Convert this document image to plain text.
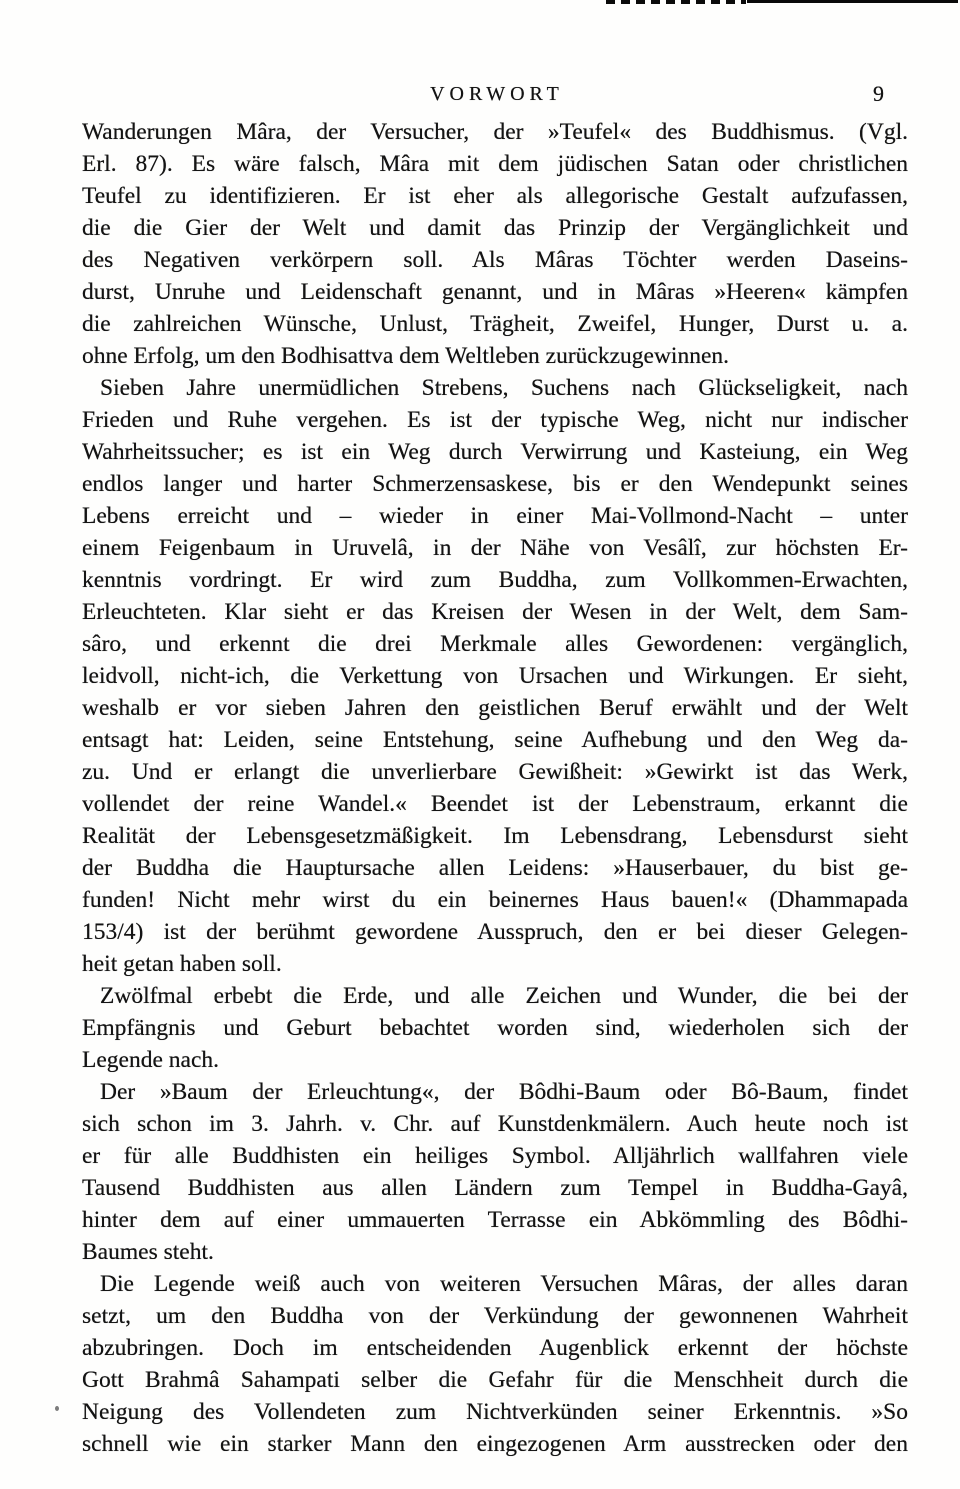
VORWORT	9
Wanderungen Mâra, der Versucher, der »Teufel« des Buddhismus. (Vgl.
Erl. 87). Es wäre falsch, Mâra mit dem jüdischen Satan oder christlichen
Teufel zu identifizieren. Er ist eher als allegorische Gestalt aufzufassen,
die die Gier der Welt und damit das Prinzip der Vergänglichkeit und
des Negativen verkörpern soll. Als Mâras Töchter werden Daseins-
durst, Unruhe und Leidenschaft genannt, und in Mâras »Heeren« kämpfen
die zahlreichen Wünsche, Unlust, Trägheit, Zweifel, Hunger, Durst u. a.
ohne Erfolg, um den Bodhisattva dem Weltleben zurückzugewinnen.
Sieben Jahre unermüdlichen Strebens, Suchens nach Glückseligkeit, nach
Frieden und Ruhe vergehen. Es ist der typische Weg, nicht nur indischer
Wahrheitssucher; es ist ein Weg durch Verwirrung und Kasteiung, ein Weg
endlos langer und harter Schmerzensaskese, bis er den Wendepunkt seines
Lebens erreicht und – wieder in einer Mai-Vollmond-Nacht – unter
einem Feigenbaum in Uruvelâ, in der Nähe von Vesâlî, zur höchsten Er-
kenntnis vordringt. Er wird zum Buddha, zum Vollkommen-Erwachten,
Erleuchteten. Klar sieht er das Kreisen der Wesen in der Welt, dem Sam-
sâro, und erkennt die drei Merkmale alles Gewordenen: vergänglich,
leidvoll, nicht-ich, die Verkettung von Ursachen und Wirkungen. Er sieht,
weshalb er vor sieben Jahren den geistlichen Beruf erwählt und der Welt
entsagt hat: Leiden, seine Entstehung, seine Aufhebung und den Weg da-
zu. Und er erlangt die unverlierbare Gewißheit: »Gewirkt ist das Werk,
vollendet der reine Wandel.« Beendet ist der Lebenstraum, erkannt die
Realität der Lebensgesetzmäßigkeit. Im Lebensdrang, Lebensdurst sieht
der Buddha die Hauptursache allen Leidens: »Hauserbauer, du bist ge-
funden! Nicht mehr wirst du ein beinernes Haus bauen!« (Dhammapada
153/4) ist der berühmt gewordene Ausspruch, den er bei dieser Gelegen-
heit getan haben soll.
Zwölfmal erbebt die Erde, und alle Zeichen und Wunder, die bei der
Empfängnis und Geburt bebachtet worden sind, wiederholen sich der
Legende nach.
Der »Baum der Erleuchtung«, der Bôdhi-Baum oder Bô-Baum, findet
sich schon im 3. Jahrh. v. Chr. auf Kunstdenkmälern. Auch heute noch ist
er für alle Buddhisten ein heiliges Symbol. Alljährlich wallfahren viele
Tausend Buddhisten aus allen Ländern zum Tempel in Buddha-Gayâ,
hinter dem auf einer ummauerten Terrasse ein Abkömmling des Bôdhi-
Baumes steht.
Die Legende weiß auch von weiteren Versuchen Mâras, der alles daran
setzt, um den Buddha von der Verkündung der gewonnenen Wahrheit
abzubringen. Doch im entscheidenden Augenblick erkennt der höchste
Gott Brahmâ Sahampati selber die Gefahr für die Menschheit durch die
Neigung des Vollendeten zum Nichtverkünden seiner Erkenntnis. »So
schnell wie ein starker Mann den eingezogenen Arm ausstrecken oder den
